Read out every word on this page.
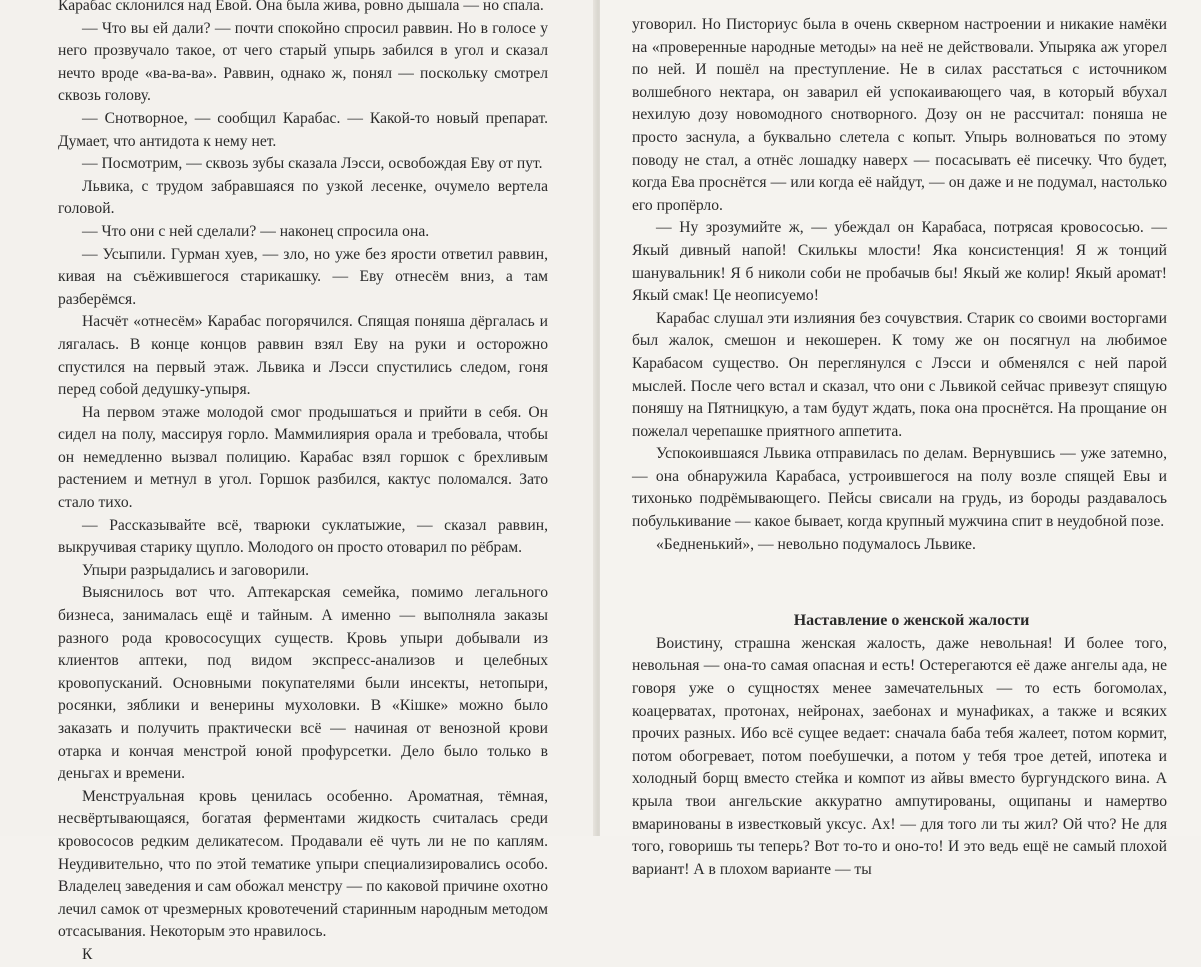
Карабас склонился над Евой. Она была жива, ровно дышала — но спала.

— Что вы ей дали? — почти спокойно спросил раввин. Но в голосе у него прозвучало такое, от чего старый упырь забился в угол и сказал нечто вроде «ва-ва-ва». Раввин, однако ж, понял — поскольку смотрел сквозь голову.

— Снотворное, — сообщил Карабас. — Какой-то новый препарат. Думает, что антидота к нему нет.

— Посмотрим, — сквозь зубы сказала Лэсси, освобождая Еву от пут.

Львика, с трудом забравшаяся по узкой лесенке, очумело вертела головой.

— Что они с ней сделали? — наконец спросила она.

— Усыпили. Гурман хуев, — зло, но уже без ярости ответил раввин, кивая на съёжившегося старикашку. — Еву отнесём вниз, а там разберёмся.

Насчёт «отнесём» Карабас погорячился. Спящая поняша дёргалась и лягалась. В конце концов раввин взял Еву на руки и осторожно спустился на первый этаж. Львика и Лэсси спустились следом, гоня перед собой дедушку-упыря.

На первом этаже молодой смог продышаться и прийти в себя. Он сидел на полу, массируя горло. Маммилиярия орала и требовала, чтобы он немедленно вызвал полицию. Карабас взял горшок с брехливым растением и метнул в угол. Горшок разбился, кактус поломался. Зато стало тихо.

— Рассказывайте всё, тварюки суклатыжие, — сказал раввин, выкручивая старику щупло. Молодого он просто отоварил по рёбрам.

Упыри разрыдались и заговорили.

Выяснилось вот что. Аптекарская семейка, помимо легального бизнеса, занималась ещё и тайным. А именно — выполняла заказы разного рода кровососущих существ. Кровь упыри добывали из клиентов аптеки, под видом экспресс-анализов и целебных кровопусканий. Основными покупателями были инсекты, нетопыри, росянки, зяблики и венерины мухоловки. В «Кішке» можно было заказать и получить практически всё — начиная от венозной крови отарка и кончая менстрой юной профурсетки. Дело было только в деньгах и времени.

Менструальная кровь ценилась особенно. Ароматная, тёмная, несвёртывающаяся, богатая ферментами жидкость считалась среди кровососов редким деликатесом. Продавали её чуть ли не по каплям. Неудивительно, что по этой тематике упыри специализировались особо. Владелец заведения и сам обожал менстру — по каковой причине охотно лечил самок от чрезмерных кровотечений старинным народным методом отсасывания. Некоторым это нравилось.

К

уговорил. Но Писториус была в очень скверном настроении и никакие намёки на «проверенные народные методы» на неё не действовали. Упыряка аж угорел по ней. И пошёл на преступление. Не в силах расстаться с источником волшебного нектара, он заварил ей успокаивающего чая, в который вбухал нехилую дозу новомодного снотворного. Дозу он не рассчитал: поняша не просто заснула, а буквально слетела с копыт. Упырь волноваться по этому поводу не стал, а отнёс лошадку наверх — посасывать её писечку. Что будет, когда Ева проснётся — или когда её найдут, — он даже и не подумал, настолько его пропёрло.

— Ну зрозумийте ж, — убеждал он Карабаса, потрясая кровососью. — Якый дивный напой! Скилькы млости! Яка консистенция! Я ж тонций шанувальник! Я б николи соби не пробачыв бы! Якый же колир! Якый аромат! Якый смак! Це неописуемо!

Карабас слушал эти излияния без сочувствия. Старик со своими восторгами был жалок, смешон и некошерен. К тому же он посягнул на любимое Карабасом существо. Он переглянулся с Лэсси и обменялся с ней парой мыслей. После чего встал и сказал, что они с Львикой сейчас привезут спящую поняшу на Пятницкую, а там будут ждать, пока она проснётся. На прощание он пожелал черепашке приятного аппетита.

Успокоившаяся Львика отправилась по делам. Вернувшись — уже затемно, — она обнаружила Карабаса, устроившегося на полу возле спящей Евы и тихонько подрёмывающего. Пейсы свисали на грудь, из бороды раздавалось побулькивание — какое бывает, когда крупный мужчина спит в неудобной позе.

«Бедненький», — невольно подумалось Львике.

Наставление о женской жалости

Воистину, страшна женская жалость, даже невольная! И более того, невольная — она-то самая опасная и есть! Остерегаются её даже ангелы ада, не говоря уже о сущностях менее замечательных — то есть богомолах, коацерватах, протонах, нейронах, заебонах и мунафиках, а также и всяких прочих разных. Ибо всё сущее ведает: сначала баба тебя жалеет, потом кормит, потом обогревает, потом поебушечки, а потом у тебя трое детей, ипотека и холодный борщ вместо стейка и компот из айвы вместо бургундского вина. А крыла твои ангельские аккуратно ампутированы, ощипаны и намертво вмаринованы в известковый уксус. Ах! — для того ли ты жил? Ой что? Не для того, говоришь ты теперь? Вот то-то и оно-то! И это ведь ещё не самый плохой вариант! А в плохом варианте — ты
